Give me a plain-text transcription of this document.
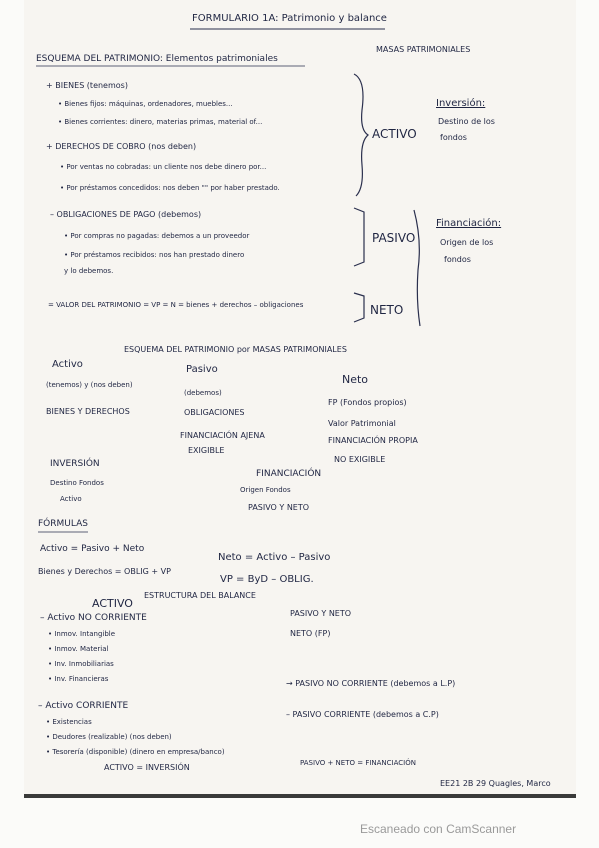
FORMULARIO 1A: Patrimonio y balance
ESQUEMA DEL PATRIMONIO: Elementos patrimoniales
MASAS PATRIMONIALES
+ BIENES (tenemos)
• Bienes fijos: máquinas, ordenadores, muebles...
• Bienes corrientes: dinero, materias primas, material of...
+ DERECHOS DE COBRO (nos deben)
• Por ventas no cobradas: un cliente nos debe dinero por...
• Por préstamos concedidos: nos deben "" por haber prestado.
– OBLIGACIONES DE PAGO (debemos)
• Por compras no pagadas: debemos a un proveedor
• Por préstamos recibidos: nos han prestado dinero
y lo debemos.
= VALOR DEL PATRIMONIO = VP = N = bienes + derechos – obligaciones
ACTIVO
PASIVO
NETO
Inversión:
Destino de los
fondos
Financiación:
Origen de los
fondos
ESQUEMA DEL PATRIMONIO por MASAS PATRIMONIALES
Activo
(tenemos) y (nos deben)
BIENES Y DERECHOS
Pasivo
(debemos)
OBLIGACIONES
FINANCIACIÓN AJENA
EXIGIBLE
Neto
FP (Fondos propios)
Valor Patrimonial
FINANCIACIÓN PROPIA
NO EXIGIBLE
INVERSIÓN
Destino Fondos
Activo
FINANCIACIÓN
Origen Fondos
PASIVO Y NETO
FÓRMULAS
Activo = Pasivo + Neto
Bienes y Derechos = OBLIG + VP
Neto = Activo – Pasivo
VP = ByD – OBLIG.
ESTRUCTURA DEL BALANCE
ACTIVO
– Activo NO CORRIENTE
• Inmov. Intangible
• Inmov. Material
• Inv. Inmobiliarias
• Inv. Financieras
– Activo CORRIENTE
• Existencias
• Deudores (realizable) (nos deben)
• Tesorería (disponible) (dinero en empresa/banco)
ACTIVO = INVERSIÓN
PASIVO Y NETO
NETO (FP)
→ PASIVO NO CORRIENTE (debemos a L.P)
– PASIVO CORRIENTE (debemos a C.P)
PASIVO + NETO = FINANCIACIÓN
EE21 2B 29 Quagles, Marco
Escaneado con CamScanner
